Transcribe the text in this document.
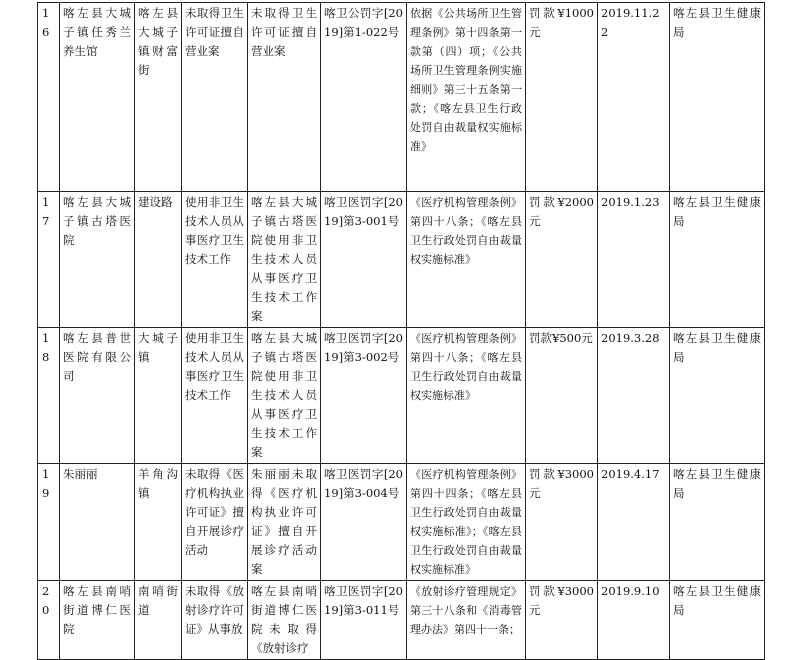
16	喀左县大城子镇任秀兰养生馆	喀左县大城子镇财富街	未取得卫生许可证擅自营业案	未取得卫生许可证擅自营业案	喀卫公罚字[2019]第1-022号	依据《公共场所卫生管理条例》第十四条第一款第（四）项；《公共场所卫生管理条例实施细则》第三十五条第一款；《喀左县卫生行政处罚自由裁量权实施标准》	罚款¥1000元	2019.11.22	喀左县卫生健康局
17	喀左县大城子镇古塔医院	建设路	使用非卫生技术人员从事医疗卫生技术工作	喀左县大城子镇古塔医院使用非卫生技术人员从事医疗卫生技术工作案	喀卫医罚字[2019]第3-001号	《医疗机构管理条例》第四十八条；《喀左县卫生行政处罚自由裁量权实施标准》	罚款¥2000元	2019.1.23	喀左县卫生健康局
18	喀左县普世医院有限公司	大城子镇	使用非卫生技术人员从事医疗卫生技术工作	喀左县大城子镇古塔医院使用非卫生技术人员从事医疗卫生技术工作案	喀卫医罚字[2019]第3-002号	《医疗机构管理条例》第四十八条；《喀左县卫生行政处罚自由裁量权实施标准》	罚款¥500元	2019.3.28	喀左县卫生健康局
19	朱丽丽	羊角沟镇	未取得《医疗机构执业许可证》擅自开展诊疗活动	朱丽丽未取得《医疗机构执业许可证》擅自开展诊疗活动案	喀卫医罚字[2019]第3-004号	《医疗机构管理条例》第四十四条；《喀左县卫生行政处罚自由裁量权实施标准》；《喀左县卫生行政处罚自由裁量权实施标准》	罚款¥3000元	2019.4.17	喀左县卫生健康局
20	喀左县南哨街道博仁医院	南哨街道	未取得《放射诊疗许可证》从事放	喀左县南哨街道博仁医院未取得《放射诊疗	喀卫医罚字[2019]第3-011号	《放射诊疗管理规定》第三十八条和《消毒管理办法》第四十一条；	罚款¥3000元	2019.9.10	喀左县卫生健康局
